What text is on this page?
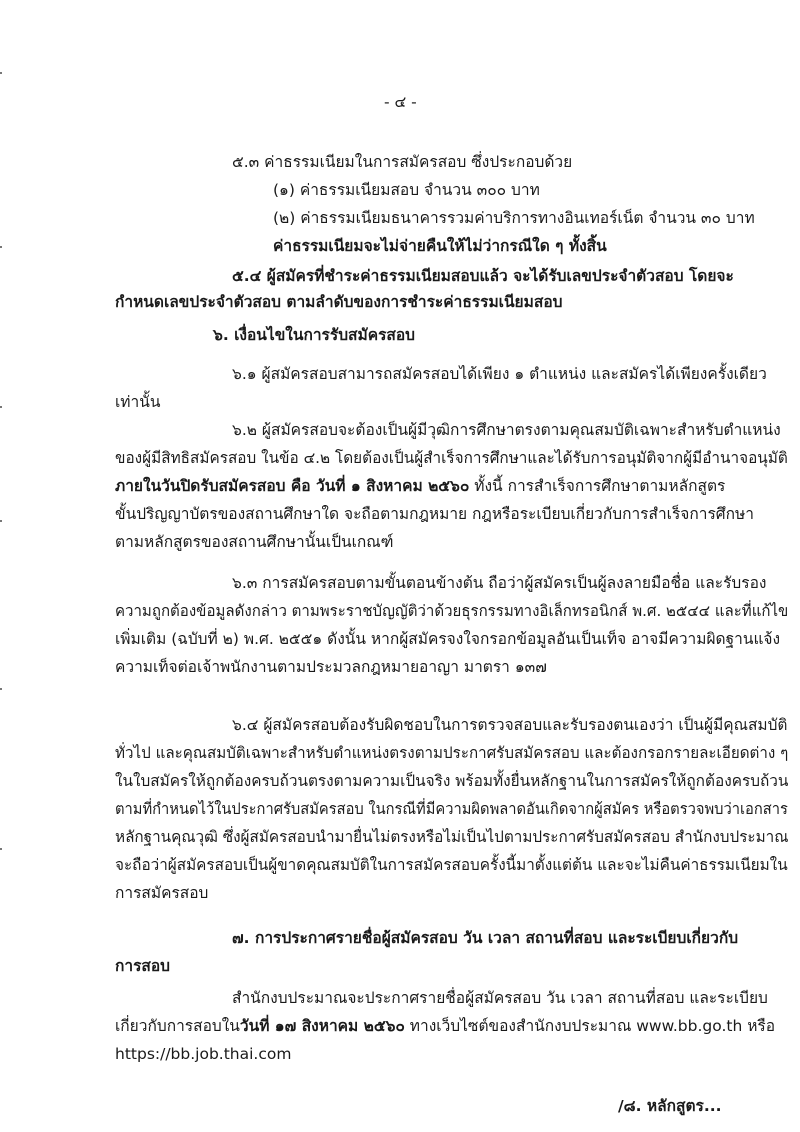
- ๔ -
๕.๓ ค่าธรรมเนียมในการสมัครสอบ ซึ่งประกอบด้วย
(๑) ค่าธรรมเนียมสอบ จำนวน ๓๐๐ บาท
(๒) ค่าธรรมเนียมธนาคารรวมค่าบริการทางอินเทอร์เน็ต จำนวน ๓๐ บาท
ค่าธรรมเนียมจะไม่จ่ายคืนให้ไม่ว่ากรณีใด ๆ ทั้งสิ้น
๕.๔ ผู้สมัครที่ชำระค่าธรรมเนียมสอบแล้ว จะได้รับเลขประจำตัวสอบ โดยจะ
กำหนดเลขประจำตัวสอบ ตามลำดับของการชำระค่าธรรมเนียมสอบ
๖. เงื่อนไขในการรับสมัครสอบ
๖.๑ ผู้สมัครสอบสามารถสมัครสอบได้เพียง ๑ ตำแหน่ง และสมัครได้เพียงครั้งเดียว
เท่านั้น
๖.๒ ผู้สมัครสอบจะต้องเป็นผู้มีวุฒิการศึกษาตรงตามคุณสมบัติเฉพาะสำหรับตำแหน่ง
ของผู้มีสิทธิสมัครสอบ ในข้อ ๔.๒ โดยต้องเป็นผู้สำเร็จการศึกษาและได้รับการอนุมัติจากผู้มีอำนาจอนุมัติ
ภายในวันปิดรับสมัครสอบ คือ วันที่ ๑ สิงหาคม ๒๕๖๐ ทั้งนี้ การสำเร็จการศึกษาตามหลักสูตร
ขั้นปริญญาบัตรของสถานศึกษาใด จะถือตามกฎหมาย กฎหรือระเบียบเกี่ยวกับการสำเร็จการศึกษา
ตามหลักสูตรของสถานศึกษานั้นเป็นเกณฑ์
๖.๓ การสมัครสอบตามขั้นตอนข้างต้น ถือว่าผู้สมัครเป็นผู้ลงลายมือชื่อ และรับรอง
ความถูกต้องข้อมูลดังกล่าว ตามพระราชบัญญัติว่าด้วยธุรกรรมทางอิเล็กทรอนิกส์ พ.ศ. ๒๕๔๔ และที่แก้ไข
เพิ่มเติม (ฉบับที่ ๒) พ.ศ. ๒๕๕๑ ดังนั้น หากผู้สมัครจงใจกรอกข้อมูลอันเป็นเท็จ อาจมีความผิดฐานแจ้ง
ความเท็จต่อเจ้าพนักงานตามประมวลกฎหมายอาญา มาตรา ๑๓๗
๖.๔ ผู้สมัครสอบต้องรับผิดชอบในการตรวจสอบและรับรองตนเองว่า เป็นผู้มีคุณสมบัติ
ทั่วไป และคุณสมบัติเฉพาะสำหรับตำแหน่งตรงตามประกาศรับสมัครสอบ และต้องกรอกรายละเอียดต่าง ๆ
ในใบสมัครให้ถูกต้องครบถ้วนตรงตามความเป็นจริง พร้อมทั้งยื่นหลักฐานในการสมัครให้ถูกต้องครบถ้วน
ตามที่กำหนดไว้ในประกาศรับสมัครสอบ ในกรณีที่มีความผิดพลาดอันเกิดจากผู้สมัคร หรือตรวจพบว่าเอกสาร
หลักฐานคุณวุฒิ ซึ่งผู้สมัครสอบนำมายื่นไม่ตรงหรือไม่เป็นไปตามประกาศรับสมัครสอบ สำนักงบประมาณ
จะถือว่าผู้สมัครสอบเป็นผู้ขาดคุณสมบัติในการสมัครสอบครั้งนี้มาตั้งแต่ต้น และจะไม่คืนค่าธรรมเนียมใน
การสมัครสอบ
๗. การประกาศรายชื่อผู้สมัครสอบ วัน เวลา สถานที่สอบ และระเบียบเกี่ยวกับ
การสอบ
สำนักงบประมาณจะประกาศรายชื่อผู้สมัครสอบ วัน เวลา สถานที่สอบ และระเบียบ
เกี่ยวกับการสอบในวันที่ ๑๗ สิงหาคม ๒๕๖๐ ทางเว็บไซต์ของสำนักงบประมาณ www.bb.go.th หรือ
https://bb.job.thai.com
/๘. หลักสูตร...
